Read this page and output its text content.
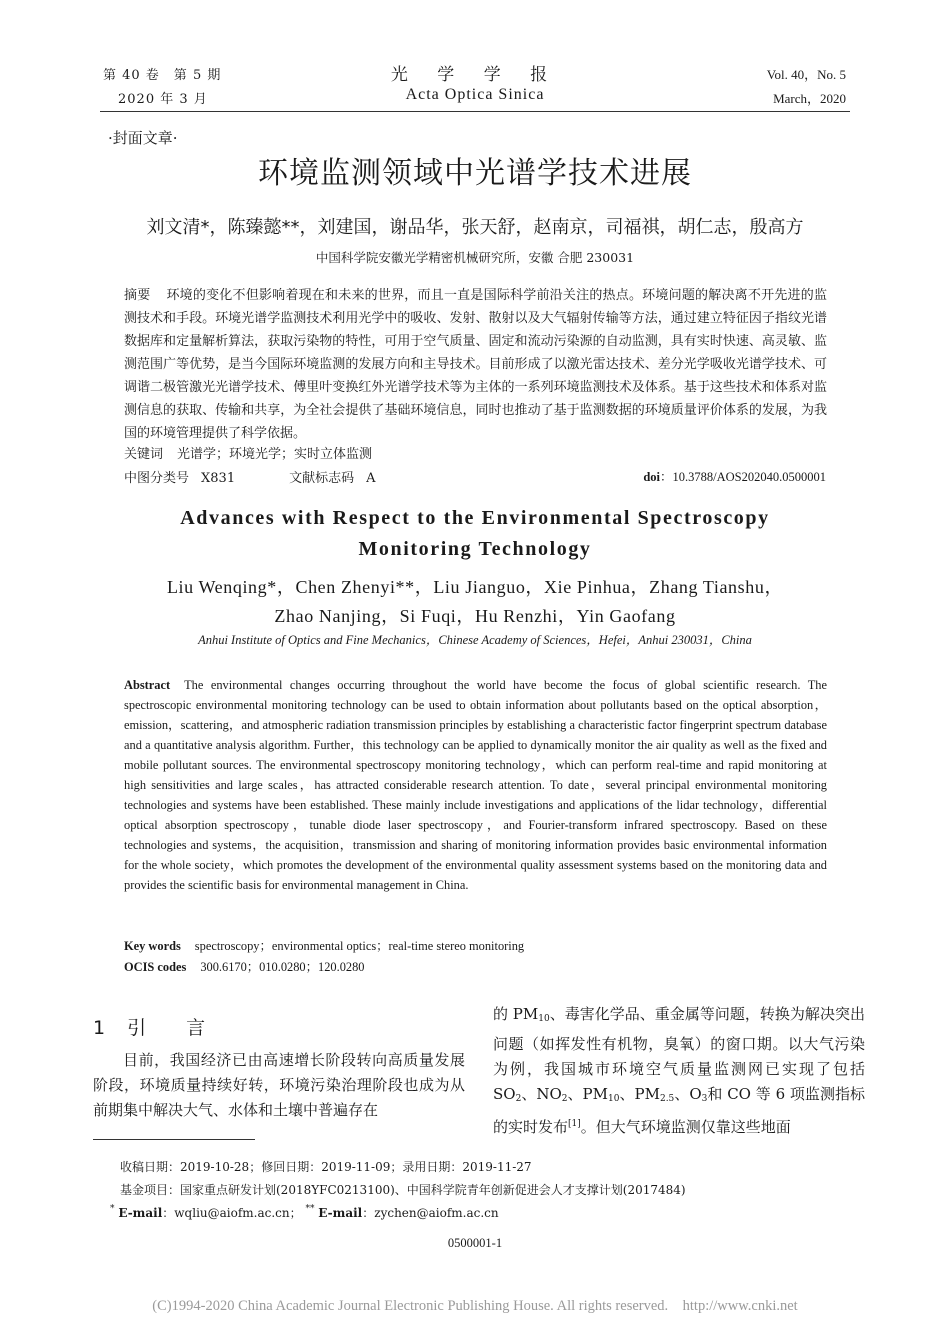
第 40 卷　第 5 期
2020 年 3 月
光 学 学 报
Acta Optica Sinica
Vol. 40，No. 5
March，2020
·封面文章·
环境监测领域中光谱学技术进展
刘文清*，陈臻懿**，刘建国，谢品华，张天舒，赵南京，司福祺，胡仁志，殷高方
中国科学院安徽光学精密机械研究所，安徽 合肥 230031
摘要 环境的变化不但影响着现在和未来的世界，而且一直是国际科学前沿关注的热点。环境问题的解决离不开先进的监测技术和手段。环境光谱学监测技术利用光学中的吸收、发射、散射以及大气辐射传输等方法，通过建立特征因子指纹光谱数据库和定量解析算法，获取污染物的特性，可用于空气质量、固定和流动污染源的自动监测，具有实时快速、高灵敏、监测范围广等优势，是当今国际环境监测的发展方向和主导技术。目前形成了以激光雷达技术、差分光学吸收光谱学技术、可调谐二极管激光光谱学技术、傅里叶变换红外光谱学技术等为主体的一系列环境监测技术及体系。基于这些技术和体系对监测信息的获取、传输和共享，为全社会提供了基础环境信息，同时也推动了基于监测数据的环境质量评价体系的发展，为我国的环境管理提供了科学依据。
关键词 光谱学；环境光学；实时立体监测
中图分类号 X831	文献标志码 A	doi：10.3788/AOS202040.0500001
Advances with Respect to the Environmental Spectroscopy
Monitoring Technology
Liu Wenqing*，Chen Zhenyi**，Liu Jianguo，Xie Pinhua，Zhang Tianshu，
Zhao Nanjing，Si Fuqi，Hu Renzhi，Yin Gaofang
Anhui Institute of Optics and Fine Mechanics，Chinese Academy of Sciences，Hefei，Anhui 230031，China
Abstract The environmental changes occurring throughout the world have become the focus of global scientific research. The spectroscopic environmental monitoring technology can be used to obtain information about pollutants based on the optical absorption，emission，scattering，and atmospheric radiation transmission principles by establishing a characteristic factor fingerprint spectrum database and a quantitative analysis algorithm. Further，this technology can be applied to dynamically monitor the air quality as well as the fixed and mobile pollutant sources. The environmental spectroscopy monitoring technology，which can perform real-time and rapid monitoring at high sensitivities and large scales，has attracted considerable research attention. To date，several principal environmental monitoring technologies and systems have been established. These mainly include investigations and applications of the lidar technology，differential optical absorption spectroscopy，tunable diode laser spectroscopy，and Fourier-transform infrared spectroscopy. Based on these technologies and systems，the acquisition，transmission and sharing of monitoring information provides basic environmental information for the whole society，which promotes the development of the environmental quality assessment systems based on the monitoring data and provides the scientific basis for environmental management in China.
Key words spectroscopy；environmental optics；real-time stereo monitoring
OCIS codes 300.6170；010.0280；120.0280
1 引言
目前，我国经济已由高速增长阶段转向高质量发展阶段，环境质量持续好转，环境污染治理阶段也成为从前期集中解决大气、水体和土壤中普遍存在
的 $PM_{10}$、毒害化学品、重金属等问题，转换为解决突出问题（如挥发性有机物，臭氧）的窗口期。以大气污染为例，我国城市环境空气质量监测网已实现了包括 $SO_2$、$NO_2$、$PM_{10}$、$PM_{2.5}$、$O_3$和 CO 等 6 项监测指标的实时发布[1]。但大气环境监测仅靠这些地面
收稿日期：2019-10-28；修回日期：2019-11-09；录用日期：2019-11-27
基金项目：国家重点研发计划(2018YFC0213100)、中国科学院青年创新促进会人才支撑计划(2017484)
* E-mail：wqliu@aiofm.ac.cn； ** E-mail：zychen@aiofm.ac.cn
0500001-1
(C)1994-2020 China Academic Journal Electronic Publishing House. All rights reserved.    http://www.cnki.net
